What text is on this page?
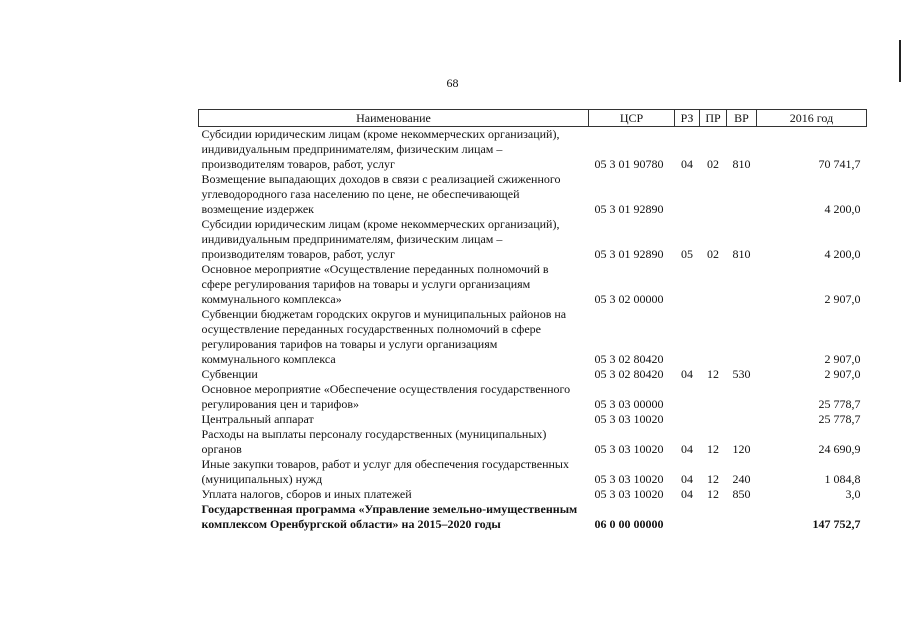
68
Наименование	ЦСР	РЗ	ПР	ВР	2016 год
Субсидии юридическим лицам (кроме некоммерческих организаций), индивидуальным предпринимателям, физическим лицам – производителям товаров, работ, услуг	05 3 01 90780	04	02	810	70 741,7
Возмещение выпадающих доходов в связи с реализацией сжиженного углеводородного газа населению по цене, не обеспечивающей возмещение издержек	05 3 01 92890				4 200,0
Субсидии юридическим лицам (кроме некоммерческих организаций), индивидуальным предпринимателям, физическим лицам – производителям товаров, работ, услуг	05 3 01 92890	05	02	810	4 200,0
Основное мероприятие «Осуществление переданных полномочий в сфере регулирования тарифов на товары и услуги организациям коммунального комплекса»	05 3 02 00000				2 907,0
Субвенции бюджетам городских округов и муниципальных районов на осуществление переданных государственных полномочий в сфере регулирования тарифов на товары и услуги организациям коммунального комплекса	05 3 02 80420				2 907,0
Субвенции	05 3 02 80420	04	12	530	2 907,0
Основное мероприятие «Обеспечение осуществления государственного регулирования цен и тарифов»	05 3 03 00000				25 778,7
Центральный аппарат	05 3 03 10020				25 778,7
Расходы на выплаты персоналу государственных (муниципальных) органов	05 3 03 10020	04	12	120	24 690,9
Иные закупки товаров, работ и услуг для обеспечения государственных (муниципальных) нужд	05 3 03 10020	04	12	240	1 084,8
Уплата налогов, сборов и иных платежей	05 3 03 10020	04	12	850	3,0
Государственная программа «Управление земельно-имущественным комплексом Оренбургской области» на 2015–2020 годы	06 0 00 00000				147 752,7
